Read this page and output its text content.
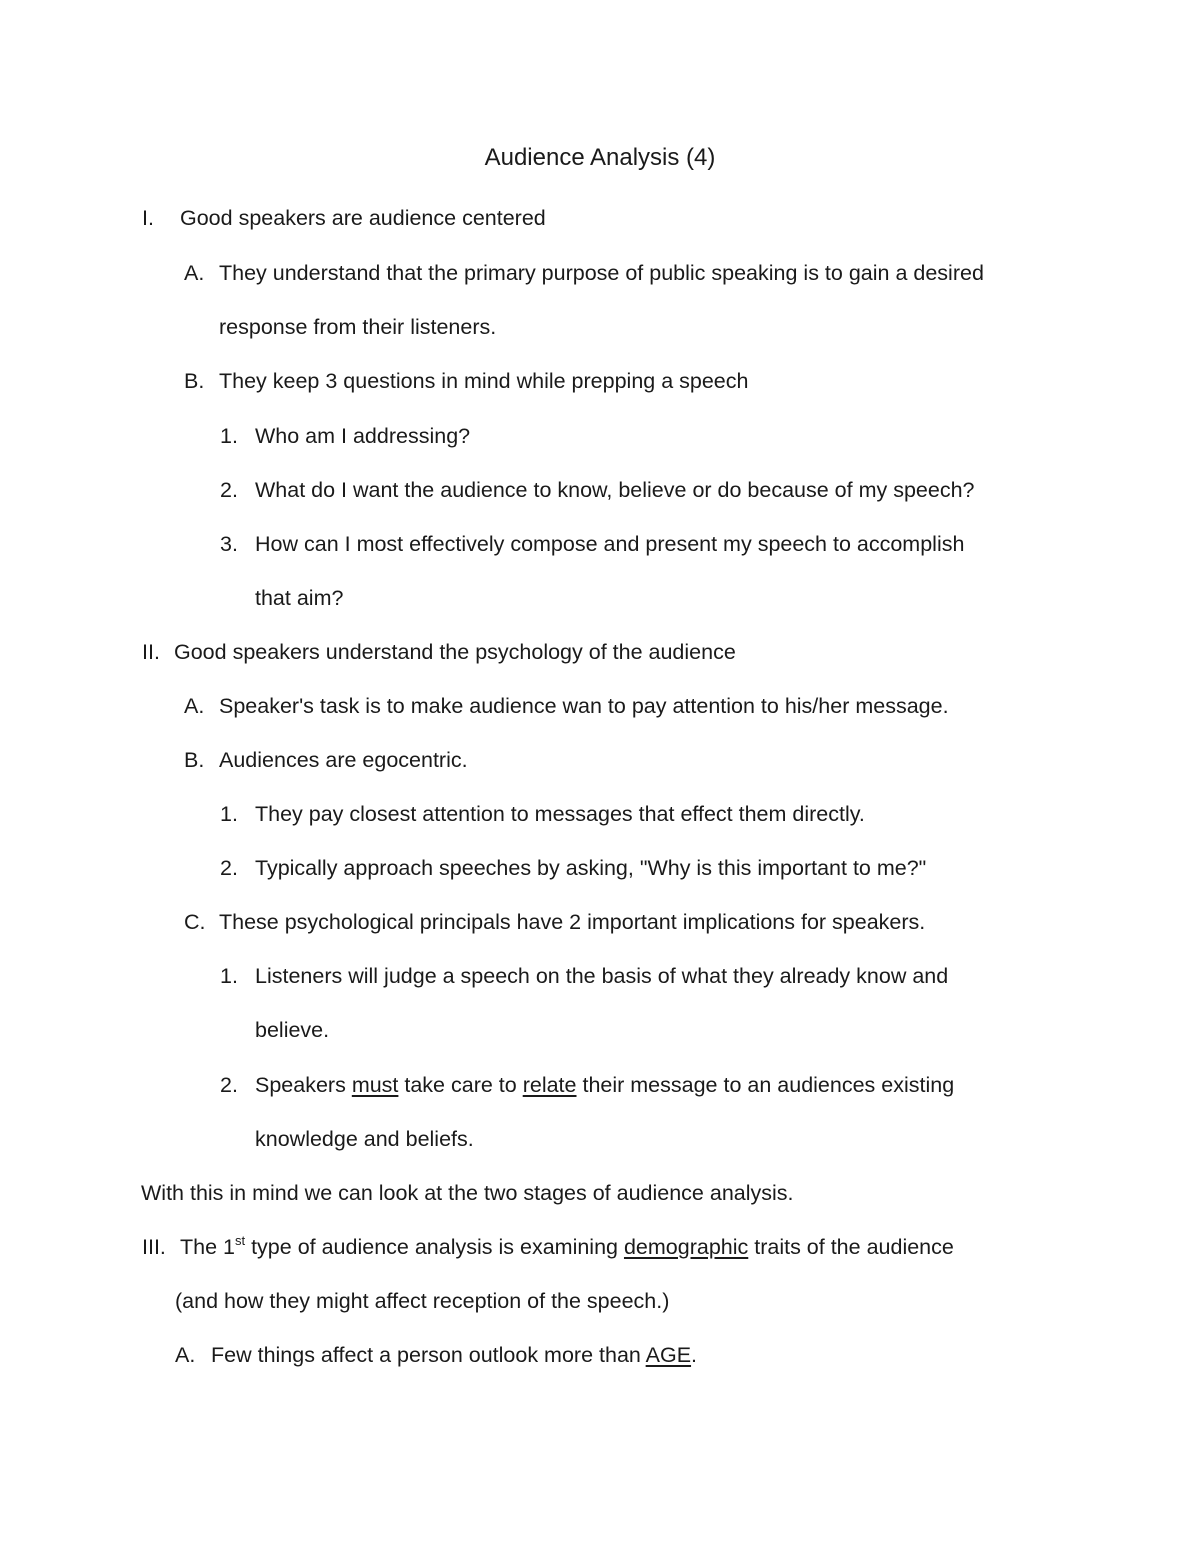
Audience Analysis (4)
I. Good speakers are audience centered
A. They understand that the primary purpose of public speaking is to gain a desired
response from their listeners.
B. They keep 3 questions in mind while prepping a speech
1. Who am I addressing?
2. What do I want the audience to know, believe or do because of my speech?
3. How can I most effectively compose and present my speech to accomplish
that aim?
II. Good speakers understand the psychology of the audience
A. Speaker's task is to make audience wan to pay attention to his/her message.
B. Audiences are egocentric.
1. They pay closest attention to messages that effect them directly.
2. Typically approach speeches by asking, "Why is this important to me?"
C. These psychological principals have 2 important implications for speakers.
1. Listeners will judge a speech on the basis of what they already know and
believe.
2. Speakers must take care to relate their message to an audiences existing
knowledge and beliefs.
With this in mind we can look at the two stages of audience analysis.
III. The 1st type of audience analysis is examining demographic traits of the audience
(and how they might affect reception of the speech.)
A. Few things affect a person outlook more than AGE.
